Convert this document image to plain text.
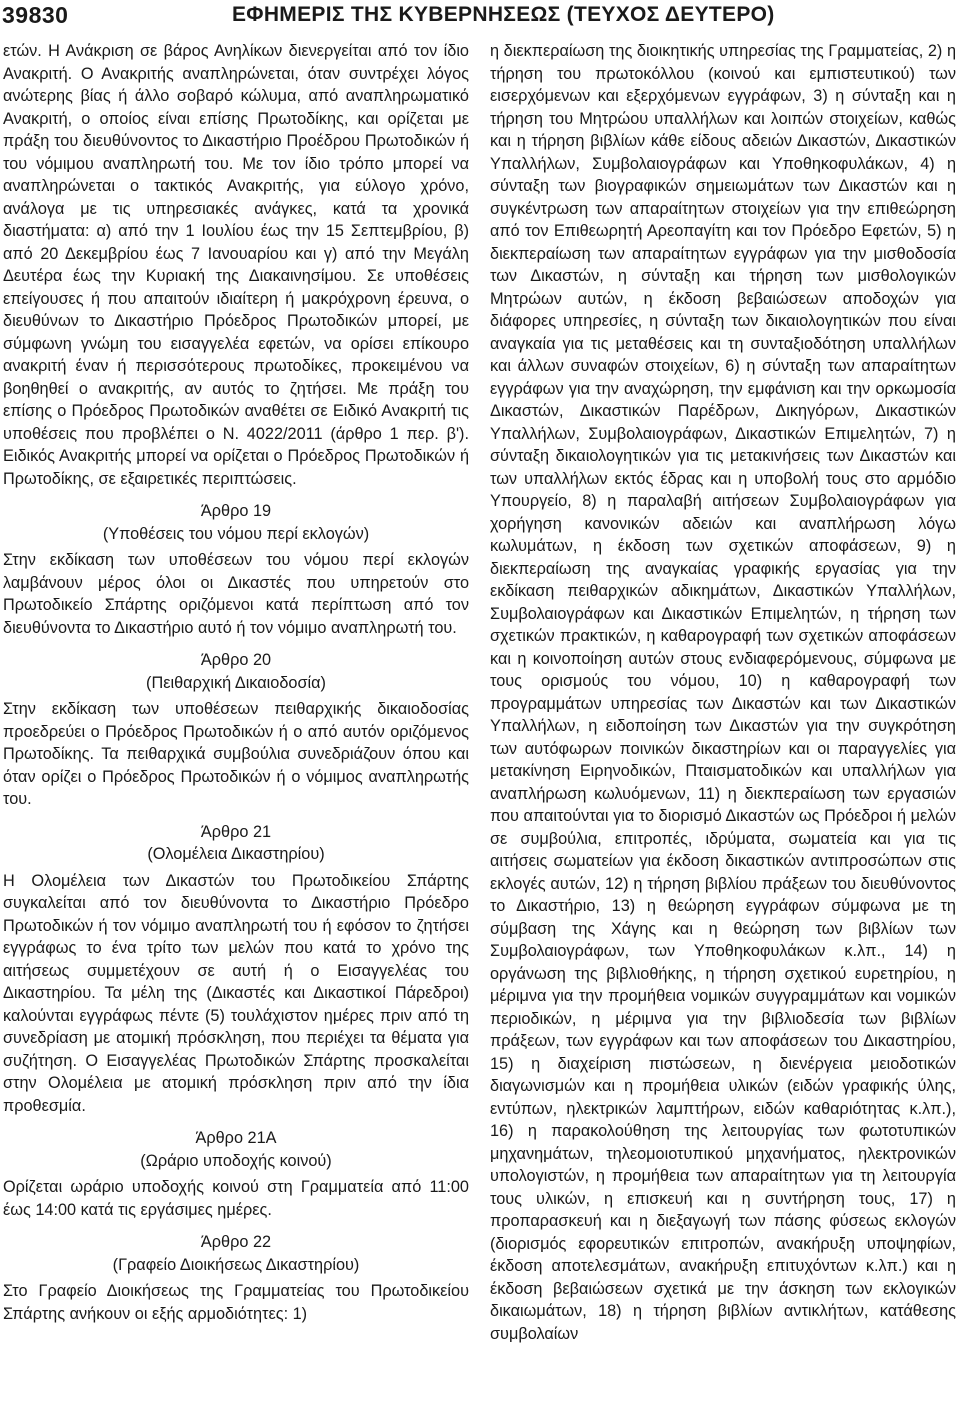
39830	ΕΦΗΜΕΡΙΣ ΤΗΣ ΚΥΒΕΡΝΗΣΕΩΣ (ΤΕΥΧΟΣ ΔΕΥΤΕΡΟ)

ετών. Η Ανάκριση σε βάρος Ανηλίκων διενεργείται από τον ίδιο Ανακριτή. Ο Ανακριτής αναπληρώνεται, όταν συντρέχει λόγος ανώτερης βίας ή άλλο σοβαρό κώλυμα, από αναπληρωματικό Ανακριτή, ο οποίος είναι επίσης Πρωτοδίκης, και ορίζεται με πράξη του διευθύνοντος το Δικαστήριο Προέδρου Πρωτοδικών ή του νόμιμου αναπληρωτή του. Με τον ίδιο τρόπο μπορεί να αναπληρώνεται ο τακτικός Ανακριτής, για εύλογο χρόνο, ανάλογα με τις υπηρεσιακές ανάγκες, κατά τα χρονικά διαστήματα: α) από την 1 Ιουλίου έως την 15 Σεπτεμβρίου, β) από 20 Δεκεμβρίου έως 7 Ιανουαρίου και γ) από την Μεγάλη Δευτέρα έως την Κυριακή της Διακαινησίμου. Σε υποθέσεις επείγουσες ή που απαιτούν ιδιαίτερη ή μακρόχρονη έρευνα, ο διευθύνων το Δικαστήριο Πρόεδρος Πρωτοδικών μπορεί, με σύμφωνη γνώμη του εισαγγελέα εφετών, να ορίσει επίκουρο ανακριτή έναν ή περισσότερους πρωτοδίκες, προκειμένου να βοηθηθεί ο ανακριτής, αν αυτός το ζητήσει. Με πράξη του επίσης ο Πρόεδρος Πρωτοδικών αναθέτει σε Ειδικό Ανακριτή τις υποθέσεις που προβλέπει ο Ν. 4022/2011 (άρθρο 1 περ. β'). Ειδικός Ανακριτής μπορεί να ορίζεται ο Πρόεδρος Πρωτοδικών ή Πρωτοδίκης, σε εξαιρετικές περιπτώσεις.

Άρθρο 19

(Υποθέσεις του νόμου περί εκλογών)

Στην εκδίκαση των υποθέσεων του νόμου περί εκλογών λαμβάνουν μέρος όλοι οι Δικαστές που υπηρετούν στο Πρωτοδικείο Σπάρτης οριζόμενοι κατά περίπτωση από τον διευθύνοντα το Δικαστήριο αυτό ή τον νόμιμο αναπληρωτή του.

Άρθρο 20

(Πειθαρχική Δικαιοδοσία)

Στην εκδίκαση των υποθέσεων πειθαρχικής δικαιοδοσίας προεδρεύει ο Πρόεδρος Πρωτοδικών ή ο από αυτόν οριζόμενος Πρωτοδίκης. Τα πειθαρχικά συμβούλια συνεδριάζουν όπου και όταν ορίζει ο Πρόεδρος Πρωτοδικών ή ο νόμιμος αναπληρωτής του.

Άρθρο 21

(Ολομέλεια Δικαστηρίου)

Η Ολομέλεια των Δικαστών του Πρωτοδικείου Σπάρτης συγκαλείται από τον διευθύνοντα το Δικαστήριο Πρόεδρο Πρωτοδικών ή τον νόμιμο αναπληρωτή του ή εφόσον το ζητήσει εγγράφως το ένα τρίτο των μελών που κατά το χρόνο της αιτήσεως συμμετέχουν σε αυτή ή ο Εισαγγελέας του Δικαστηρίου. Τα μέλη της (Δικαστές και Δικαστικοί Πάρεδροι) καλούνται εγγράφως πέντε (5) τουλάχιστον ημέρες πριν από τη συνεδρίαση με ατομική πρόσκληση, που περιέχει τα θέματα για συζήτηση. Ο Εισαγγελέας Πρωτοδικών Σπάρτης προσκαλείται στην Ολομέλεια με ατομική πρόσκληση πριν από την ίδια προθεσμία.

Άρθρο 21Α

(Ωράριο υποδοχής κοινού)

Ορίζεται ωράριο υποδοχής κοινού στη Γραμματεία από 11:00 έως 14:00 κατά τις εργάσιμες ημέρες.

Άρθρο 22

(Γραφείο Διοικήσεως Δικαστηρίου)

Στο Γραφείο Διοικήσεως της Γραμματείας του Πρωτοδικείου Σπάρτης ανήκουν οι εξής αρμοδιότητες: 1)

η διεκπεραίωση της διοικητικής υπηρεσίας της Γραμματείας, 2) η τήρηση του πρωτοκόλλου (κοινού και εμπιστευτικού) των εισερχόμενων και εξερχόμενων εγγράφων, 3) η σύνταξη και η τήρηση του Μητρώου υπαλλήλων και λοιπών στοιχείων, καθώς και η τήρηση βιβλίων κάθε είδους αδειών Δικαστών, Δικαστικών Υπαλλήλων, Συμβολαιογράφων και Υποθηκοφυλάκων, 4) η σύνταξη των βιογραφικών σημειωμάτων των Δικαστών και η συγκέντρωση των απαραίτητων στοιχείων για την επιθεώρηση από τον Επιθεωρητή Αρεοπαγίτη και τον Πρόεδρο Εφετών, 5) η διεκπεραίωση των απαραίτητων εγγράφων για την μισθοδοσία των Δικαστών, η σύνταξη και τήρηση των μισθολογικών Μητρώων αυτών, η έκδοση βεβαιώσεων αποδοχών για διάφορες υπηρεσίες, η σύνταξη των δικαιολογητικών που είναι αναγκαία για τις μεταθέσεις και τη συνταξιοδότηση υπαλλήλων και άλλων συναφών στοιχείων, 6) η σύνταξη των απαραίτητων εγγράφων για την αναχώρηση, την εμφάνιση και την ορκωμοσία Δικαστών, Δικαστικών Παρέδρων, Δικηγόρων, Δικαστικών Υπαλλήλων, Συμβολαιογράφων, Δικαστικών Επιμελητών, 7) η σύνταξη δικαιολογητικών για τις μετακινήσεις των Δικαστών και των υπαλλήλων εκτός έδρας και η υποβολή τους στο αρμόδιο Υπουργείο, 8) η παραλαβή αιτήσεων Συμβολαιογράφων για χορήγηση κανονικών αδειών και αναπλήρωση λόγω κωλυμάτων, η έκδοση των σχετικών αποφάσεων, 9) η διεκπεραίωση της αναγκαίας γραφικής εργασίας για την εκδίκαση πειθαρχικών αδικημάτων, Δικαστικών Υπαλλήλων, Συμβολαιογράφων και Δικαστικών Επιμελητών, η τήρηση των σχετικών πρακτικών, η καθαρογραφή των σχετικών αποφάσεων και η κοινοποίηση αυτών στους ενδιαφερόμενους, σύμφωνα με τους ορισμούς του νόμου, 10) η καθαρογραφή των προγραμμάτων υπηρεσίας των Δικαστών και των Δικαστικών Υπαλλήλων, η ειδοποίηση των Δικαστών για την συγκρότηση των αυτόφωρων ποινικών δικαστηρίων και οι παραγγελίες για μετακίνηση Ειρηνοδικών, Πταισματοδικών και υπαλλήλων για αναπλήρωση κωλυόμενων, 11) η διεκπεραίωση των εργασιών που απαιτούνται για το διορισμό Δικαστών ως Πρόεδροι ή μελών σε συμβούλια, επιτροπές, ιδρύματα, σωματεία και για τις αιτήσεις σωματείων για έκδοση δικαστικών αντιπροσώπων στις εκλογές αυτών, 12) η τήρηση βιβλίου πράξεων του διευθύνοντος το Δικαστήριο, 13) η θεώρηση εγγράφων σύμφωνα με τη σύμβαση της Χάγης και η θεώρηση των βιβλίων των Συμβολαιογράφων, των Υποθηκοφυλάκων κ.λπ., 14) η οργάνωση της βιβλιοθήκης, η τήρηση σχετικού ευρετηρίου, η μέριμνα για την προμήθεια νομικών συγγραμμάτων και νομικών περιοδικών, η μέριμνα για την βιβλιοδεσία των βιβλίων πράξεων, των εγγράφων και των αποφάσεων του Δικαστηρίου, 15) η διαχείριση πιστώσεων, η διενέργεια μειοδοτικών διαγωνισμών και η προμήθεια υλικών (ειδών γραφικής ύλης, εντύπων, ηλεκτρικών λαμπτήρων, ειδών καθαριότητας κ.λπ.), 16) η παρακολούθηση της λειτουργίας των φωτοτυπικών μηχανημάτων, τηλεομοιοτυπικού μηχανήματος, ηλεκτρονικών υπολογιστών, η προμήθεια των απαραίτητων για τη λειτουργία τους υλικών, η επισκευή και η συντήρηση τους, 17) η προπαρασκευή και η διεξαγωγή των πάσης φύσεως εκλογών (διορισμός εφορευτικών επιτροπών, ανακήρυξη υποψηφίων, έκδοση αποτελεσμάτων, ανακήρυξη επιτυχόντων κ.λπ.) και η έκδοση βεβαιώσεων σχετικά με την άσκηση των εκλογικών δικαιωμάτων, 18) η τήρηση βιβλίων αντικλήτων, κατάθεσης συμβολαίων
